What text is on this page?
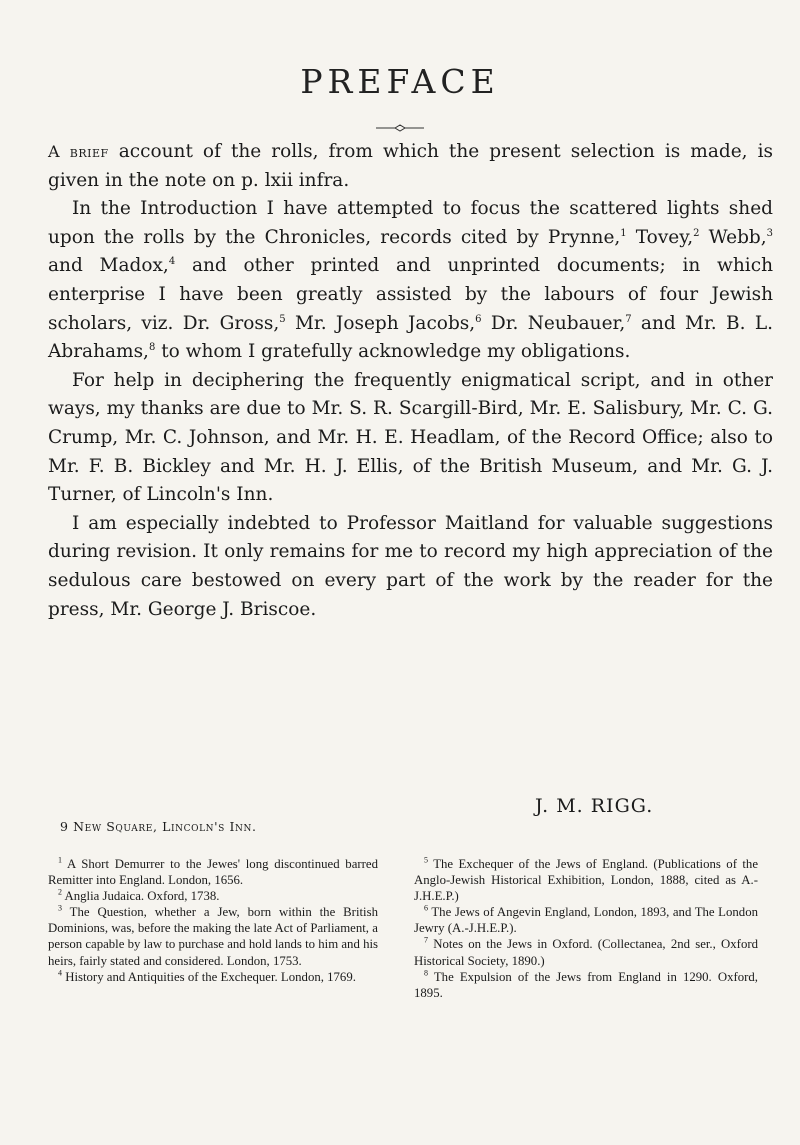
PREFACE

A brief account of the rolls, from which the present selection is made, is given in the note on p. lxii infra.

In the Introduction I have attempted to focus the scattered lights shed upon the rolls by the Chronicles, records cited by Prynne,$^1$ Tovey,$^2$ Webb,$^3$ and Madox,$^4$ and other printed and unprinted documents; in which enterprise I have been greatly assisted by the labours of four Jewish scholars, viz. Dr. Gross,$^5$ Mr. Joseph Jacobs,$^6$ Dr. Neubauer,$^7$ and Mr. B. L. Abrahams,$^8$ to whom I gratefully acknowledge my obligations.

For help in deciphering the frequently enigmatical script, and in other ways, my thanks are due to Mr. S. R. Scargill-Bird, Mr. E. Salisbury, Mr. C. G. Crump, Mr. C. Johnson, and Mr. H. E. Headlam, of the Record Office; also to Mr. F. B. Bickley and Mr. H. J. Ellis, of the British Museum, and Mr. G. J. Turner, of Lincoln's Inn.

I am especially indebted to Professor Maitland for valuable suggestions during revision. It only remains for me to record my high appreciation of the sedulous care bestowed on every part of the work by the reader for the press, Mr. George J. Briscoe.

J. M. RIGG.
9 New Square, Lincoln's Inn.

$^1$ A Short Demurrer to the Jewes' long discontinued barred Remitter into England. London, 1656.

$^2$ Anglia Judaica. Oxford, 1738.

$^3$ The Question, whether a Jew, born within the British Dominions, was, before the making the late Act of Parliament, a person capable by law to purchase and hold lands to him and his heirs, fairly stated and considered. London, 1753.

$^4$ History and Antiquities of the Exchequer. London, 1769.

$^5$ The Exchequer of the Jews of England. (Publications of the Anglo-Jewish Historical Exhibition, London, 1888, cited as A.-J.H.E.P.)

$^6$ The Jews of Angevin England, London, 1893, and The London Jewry (A.-J.H.E.P.).

$^7$ Notes on the Jews in Oxford. (Collectanea, 2nd ser., Oxford Historical Society, 1890.)

$^8$ The Expulsion of the Jews from England in 1290. Oxford, 1895.
